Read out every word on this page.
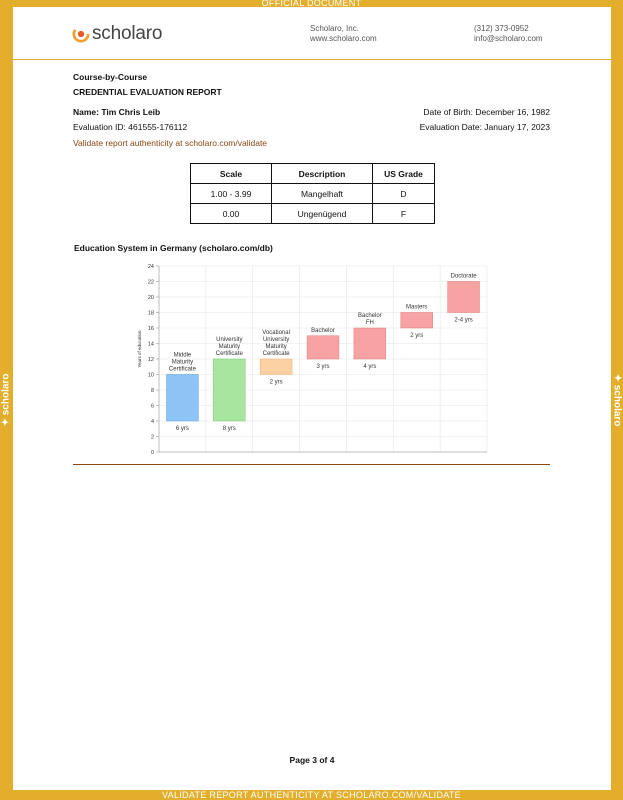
OFFICIAL DOCUMENT
✦ scholaro	✦ scholaro
scholaro	Scholaro, Inc.
www.scholaro.com
(312) 373-0952
info@scholaro.com
Course-by-Course
CREDENTIAL EVALUATION REPORT
Name: Tim Chris Leib	Date of Birth: December 16, 1982
Evaluation ID: 461555-176112	Evaluation Date: January 17, 2023
Validate report authenticity at scholaro.com/validate
Scale	Description	US Grade
1.00 - 3.99	Mangelhaft	D
0.00	Ungenügend	F
Education System in Germany (scholaro.com/db)
0
2
4
6
8
10
12
14
16
18
20
22
24
Years of education	Middle
Maturity
Certificate
6 yrs
University
Maturity
Certificate
8 yrs
Vocational
University
Maturity
Certificate
2 yrs
Bachelor
3 yrs
Bachelor
FH
4 yrs
Masters
2 yrs
Doctorate
2-4 yrs
Page 3 of 4
VALIDATE REPORT AUTHENTICITY AT SCHOLARO.COM/VALIDATE
